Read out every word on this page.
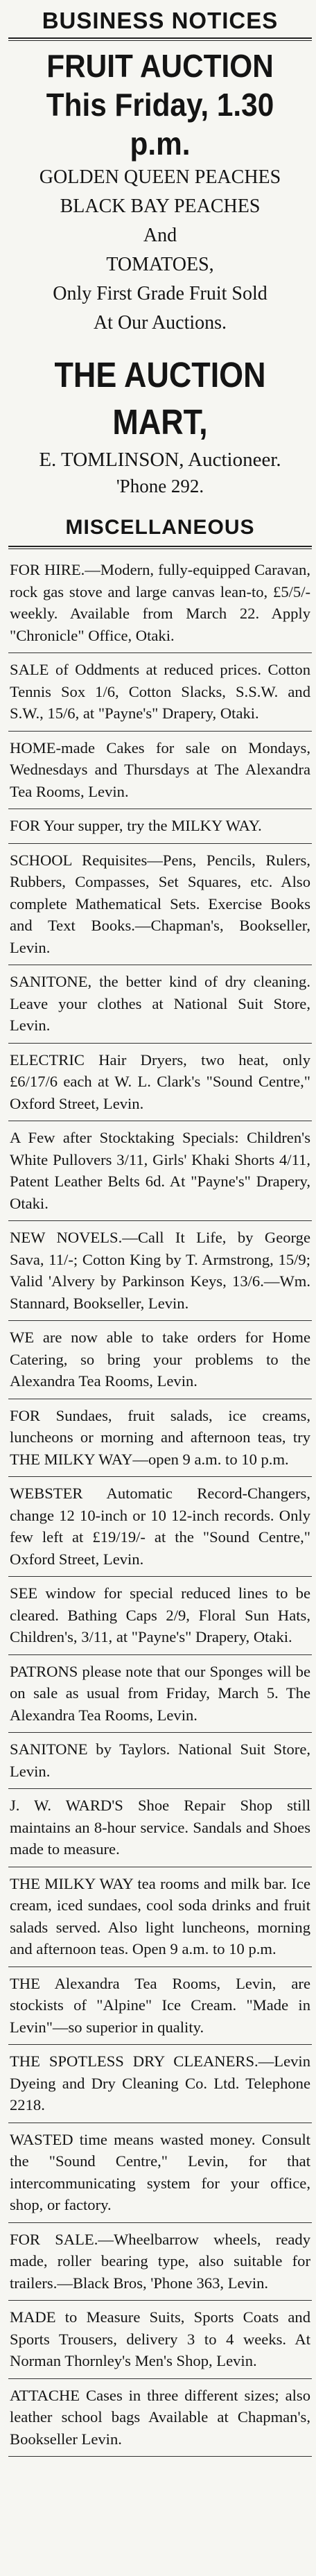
BUSINESS NOTICES
FRUIT AUCTION
This Friday, 1.30 p.m.
GOLDEN QUEEN PEACHES
BLACK BAY PEACHES
And
TOMATOES,
Only First Grade Fruit Sold
At Our Auctions.
THE AUCTION MART,
E. TOMLINSON, Auctioneer.
'Phone 292.
MISCELLANEOUS
FOR HIRE.—Modern, fully-equipped Caravan, rock gas stove and large canvas lean-to, £5/5/- weekly. Available from March 22. Apply "Chronicle" Office, Otaki.
SALE of Oddments at reduced prices. Cotton Tennis Sox 1/6, Cotton Slacks, S.S.W. and S.W., 15/6, at "Payne's" Drapery, Otaki.
HOME-made Cakes for sale on Mondays, Wednesdays and Thursdays at The Alexandra Tea Rooms, Levin.
FOR Your supper, try the MILKY WAY.
SCHOOL Requisites—Pens, Pencils, Rulers, Rubbers, Compasses, Set Squares, etc. Also complete Mathematical Sets. Exercise Books and Text Books.—Chapman's, Bookseller, Levin.
SANITONE, the better kind of dry cleaning. Leave your clothes at National Suit Store, Levin.
ELECTRIC Hair Dryers, two heat, only £6/17/6 each at W. L. Clark's "Sound Centre," Oxford Street, Levin.
A Few after Stocktaking Specials: Children's White Pullovers 3/11, Girls' Khaki Shorts 4/11, Patent Leather Belts 6d. At "Payne's" Drapery, Otaki.
NEW NOVELS.—Call It Life, by George Sava, 11/-; Cotton King by T. Armstrong, 15/9; Valid 'Alvery by Parkinson Keys, 13/6.—Wm. Stannard, Bookseller, Levin.
WE are now able to take orders for Home Catering, so bring your problems to the Alexandra Tea Rooms, Levin.
FOR Sundaes, fruit salads, ice creams, luncheons or morning and afternoon teas, try THE MILKY WAY—open 9 a.m. to 10 p.m.
WEBSTER Automatic Record-Changers, change 12 10-inch or 10 12-inch records. Only few left at £19/19/- at the "Sound Centre," Oxford Street, Levin.
SEE window for special reduced lines to be cleared. Bathing Caps 2/9, Floral Sun Hats, Children's, 3/11, at "Payne's" Drapery, Otaki.
PATRONS please note that our Sponges will be on sale as usual from Friday, March 5. The Alexandra Tea Rooms, Levin.
SANITONE by Taylors. National Suit Store, Levin.
J. W. WARD'S Shoe Repair Shop still maintains an 8-hour service. Sandals and Shoes made to measure.
THE MILKY WAY tea rooms and milk bar. Ice cream, iced sundaes, cool soda drinks and fruit salads served. Also light luncheons, morning and afternoon teas. Open 9 a.m. to 10 p.m.
THE Alexandra Tea Rooms, Levin, are stockists of "Alpine" Ice Cream. "Made in Levin"—so superior in quality.
THE SPOTLESS DRY CLEANERS.—Levin Dyeing and Dry Cleaning Co. Ltd. Telephone 2218.
WASTED time means wasted money. Consult the "Sound Centre," Levin, for that intercommunicating system for your office, shop, or factory.
FOR SALE.—Wheelbarrow wheels, ready made, roller bearing type, also suitable for trailers.—Black Bros, 'Phone 363, Levin.
MADE to Measure Suits, Sports Coats and Sports Trousers, delivery 3 to 4 weeks. At Norman Thornley's Men's Shop, Levin.
ATTACHE Cases in three different sizes; also leather school bags Available at Chapman's, Bookseller Levin.
